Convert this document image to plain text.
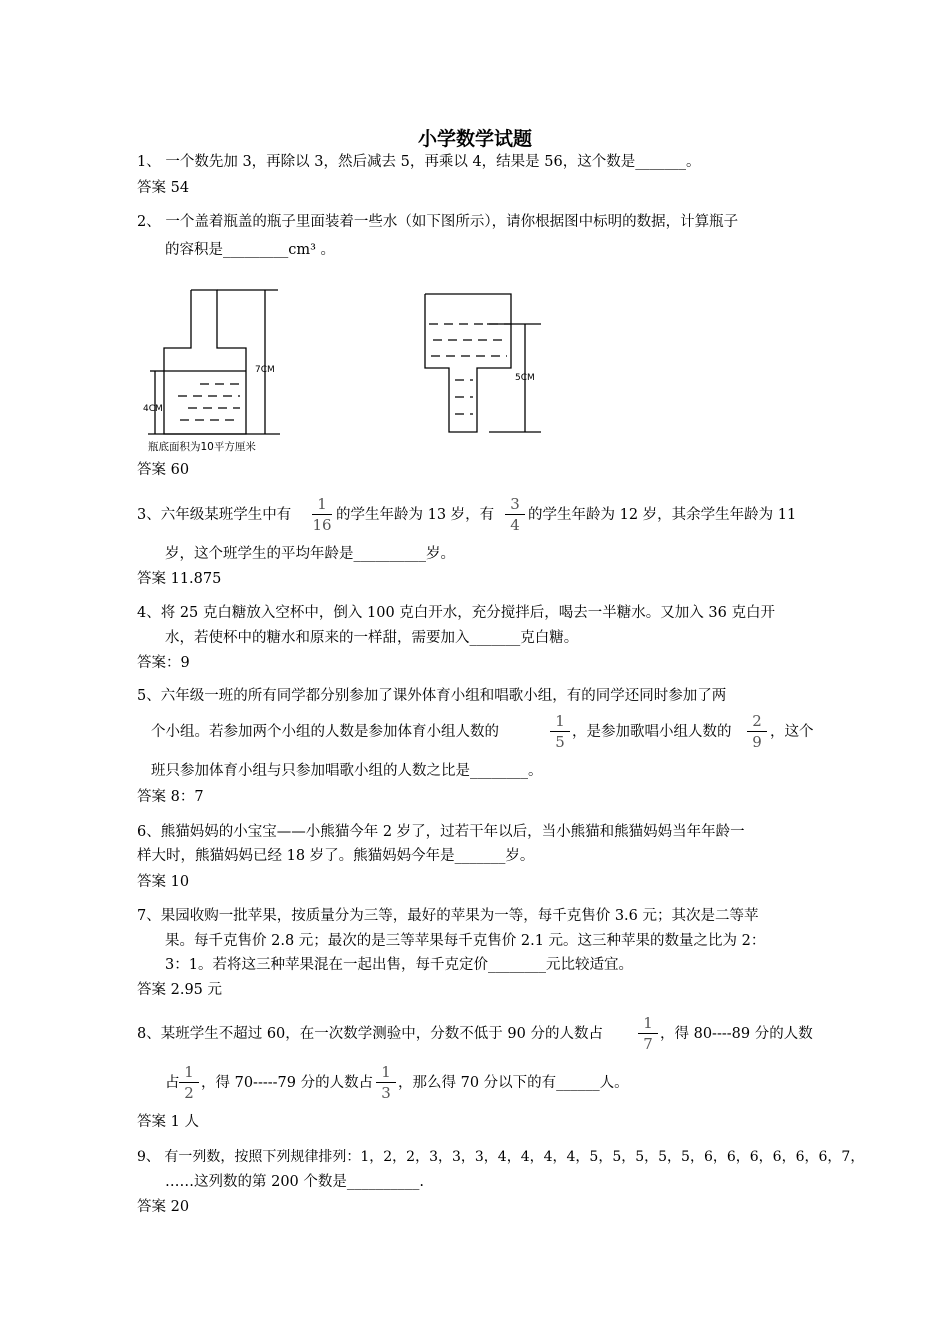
小学数学试题
1、 一个数先加 3，再除以 3，然后减去 5，再乘以 4，结果是 56，这个数是_______。
答案 54
2、 一个盖着瓶盖的瓶子里面装着一些水（如下图所示），请你根据图中标明的数据，计算瓶子
的容积是_________cm³ 。
7CM
4CM
瓶底面积为10平方厘米
5CM
答案 60
3、六年级某班学生中有
1
16
的学生年龄为 13 岁，有
3
4
的学生年龄为 12 岁，其余学生年龄为 11
岁，这个班学生的平均年龄是__________岁。
答案 11.875
4、将 25 克白糖放入空杯中，倒入 100 克白开水，充分搅拌后，喝去一半糖水。又加入 36 克白开
水，若使杯中的糖水和原来的一样甜，需要加入_______克白糖。
答案：9
5、六年级一班的所有同学都分别参加了课外体育小组和唱歌小组，有的同学还同时参加了两
个小组。若参加两个小组的人数是参加体育小组人数的
1
5
，是参加歌唱小组人数的
2
9
，这个
班只参加体育小组与只参加唱歌小组的人数之比是________。
答案 8：7
6、熊猫妈妈的小宝宝——小熊猫今年 2 岁了，过若干年以后，当小熊猫和熊猫妈妈当年年龄一
样大时，熊猫妈妈已经 18 岁了。熊猫妈妈今年是_______岁。
答案 10
7、果园收购一批苹果，按质量分为三等，最好的苹果为一等，每千克售价 3.6 元；其次是二等苹
果。每千克售价 2.8 元；最次的是三等苹果每千克售价 2.1 元。这三种苹果的数量之比为 2：
3：1。若将这三种苹果混在一起出售，每千克定价________元比较适宜。
答案 2.95 元
8、某班学生不超过 60，在一次数学测验中，分数不低于 90 分的人数占
1
7
，得 80----89 分的人数
占
1
2
，得 70-----79 分的人数占
1
3
，那么得 70 分以下的有______人。
答案 1 人
9、 有一列数，按照下列规律排列：1，2，2，3，3，3，4，4，4，4，5，5，5，5，5，6，6，6，6，6，6，7，
……这列数的第 200 个数是__________.
答案 20
